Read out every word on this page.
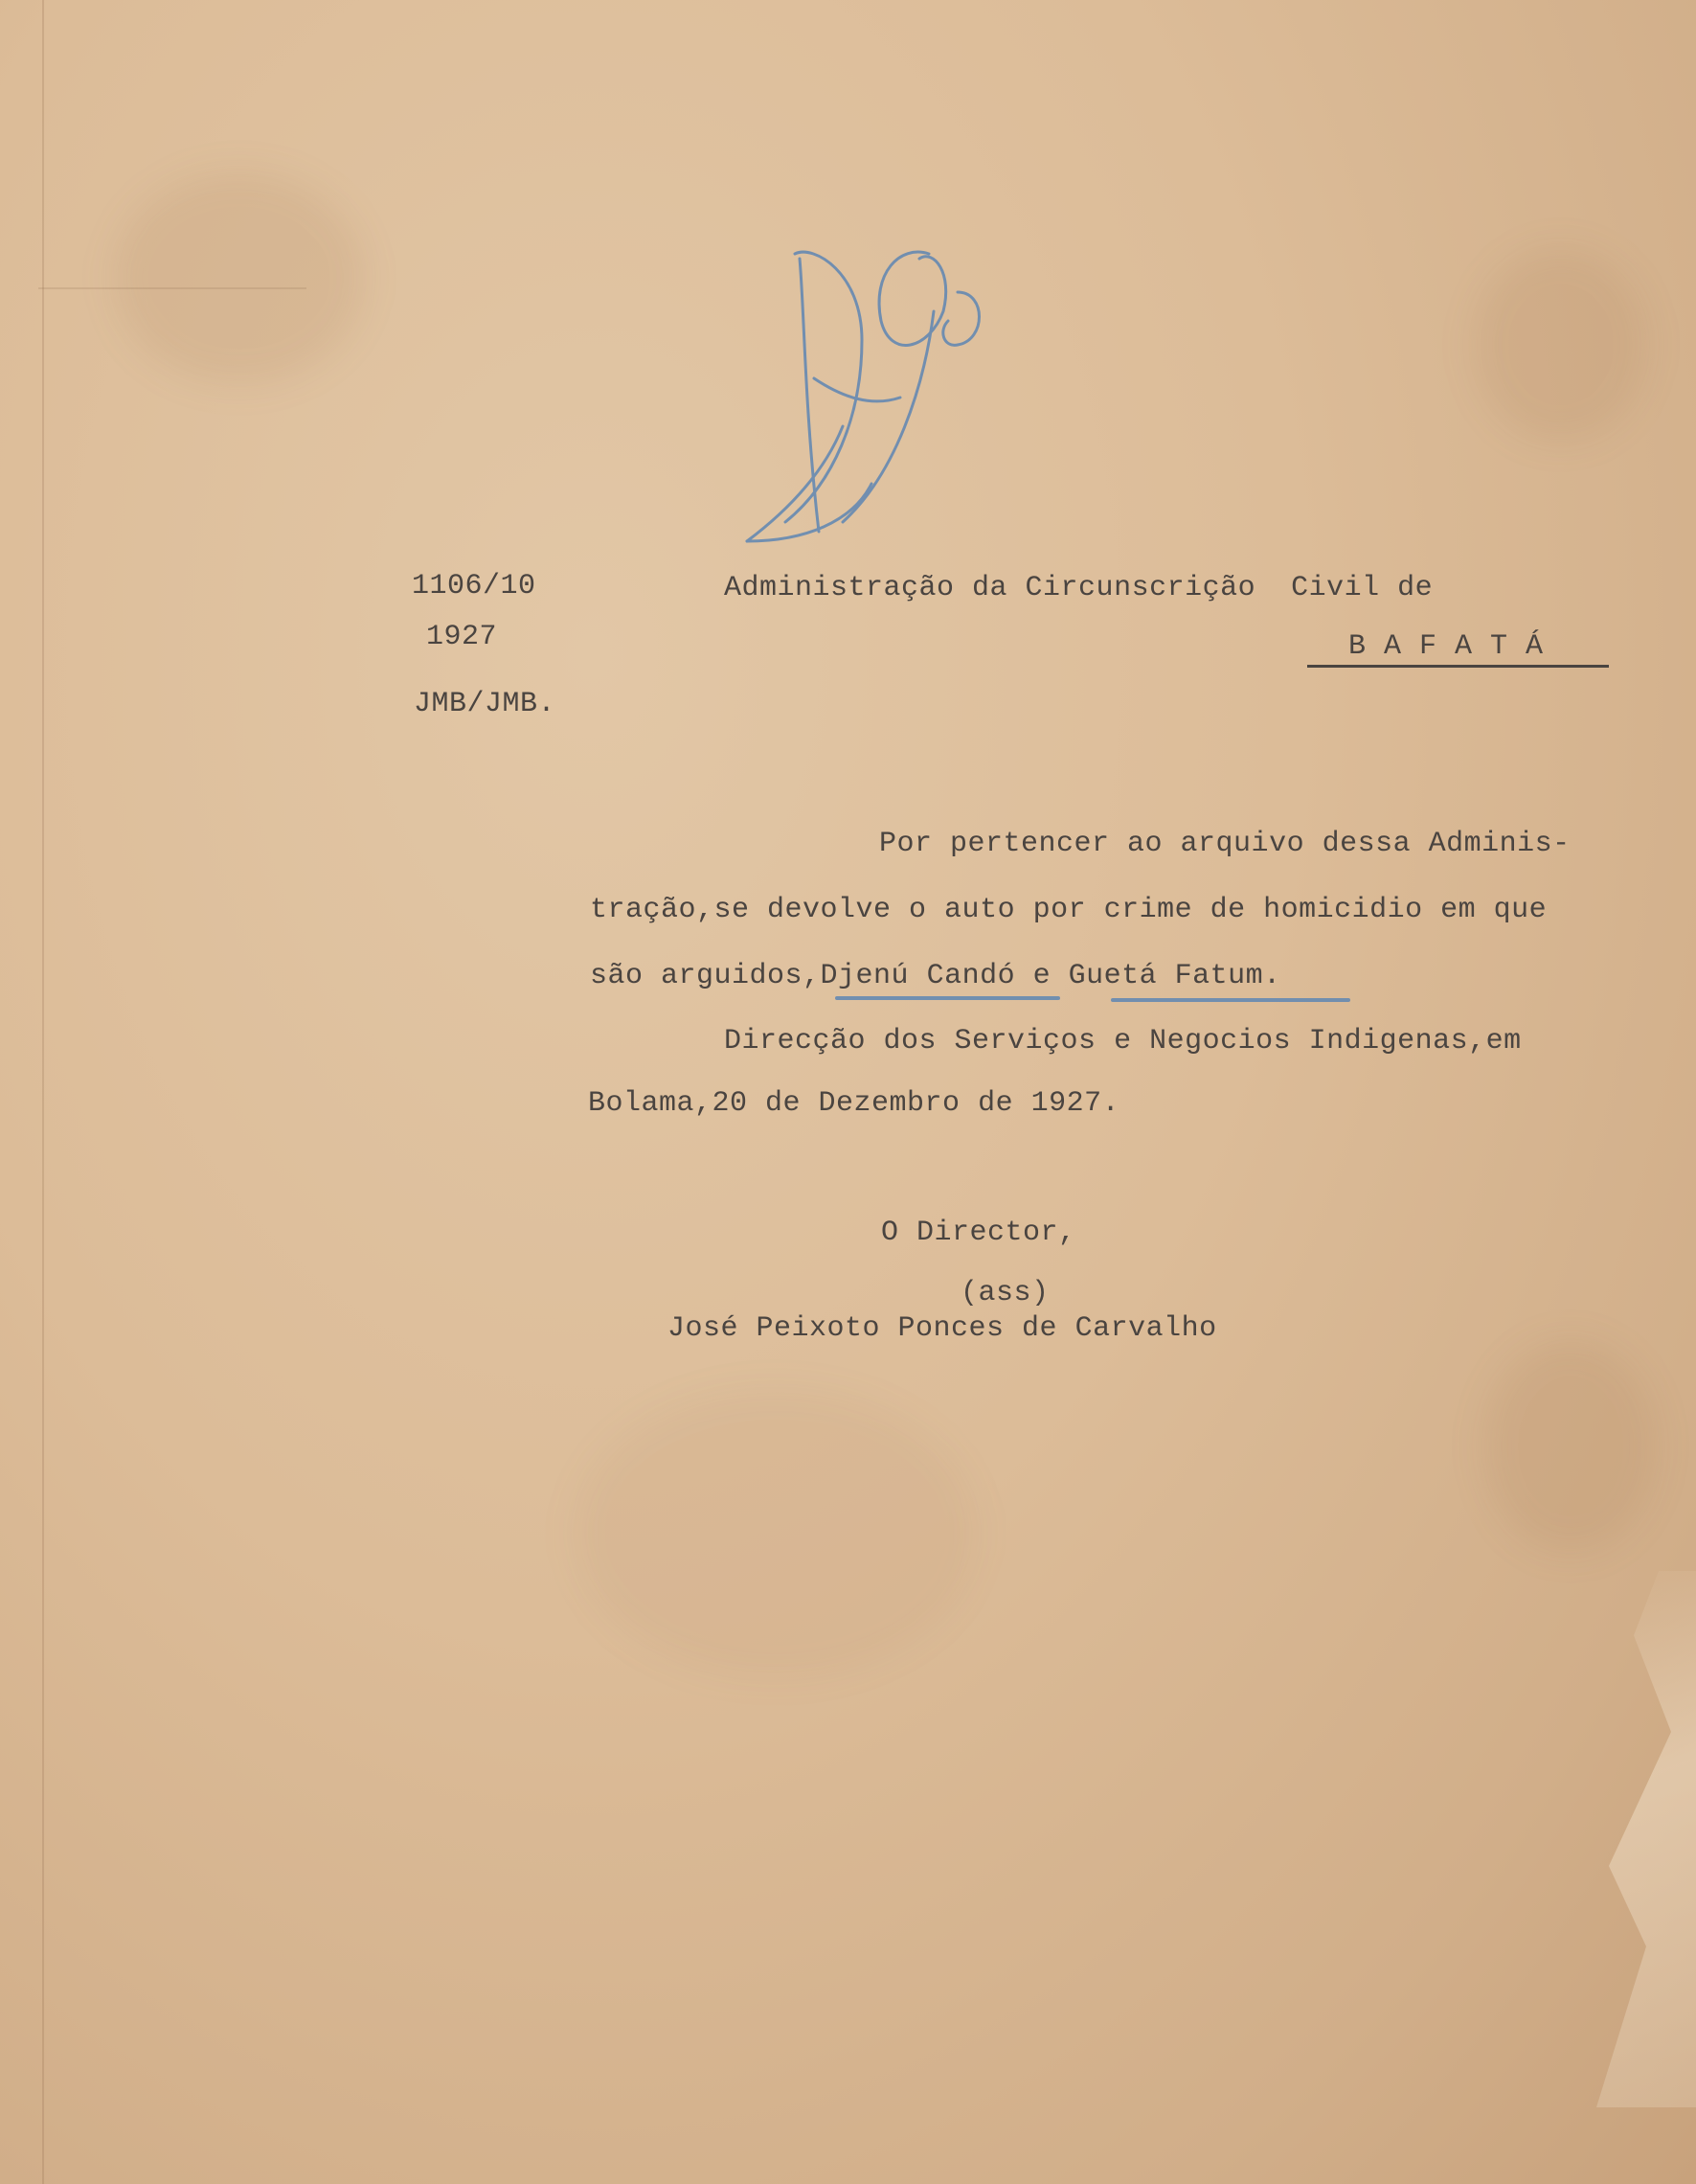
1106/10
1927
JMB/JMB.
Administração da Circunscrição  Civil de
B A F A T Á
Por pertencer ao arquivo dessa Adminis-
tração,se devolve o auto por crime de homicidio em que
são arguidos,Djenú Candó e Guetá Fatum.
Direcção dos Serviços e Negocios Indigenas,em
Bolama,20 de Dezembro de 1927.
O Director,
(ass)
José Peixoto Ponces de Carvalho
